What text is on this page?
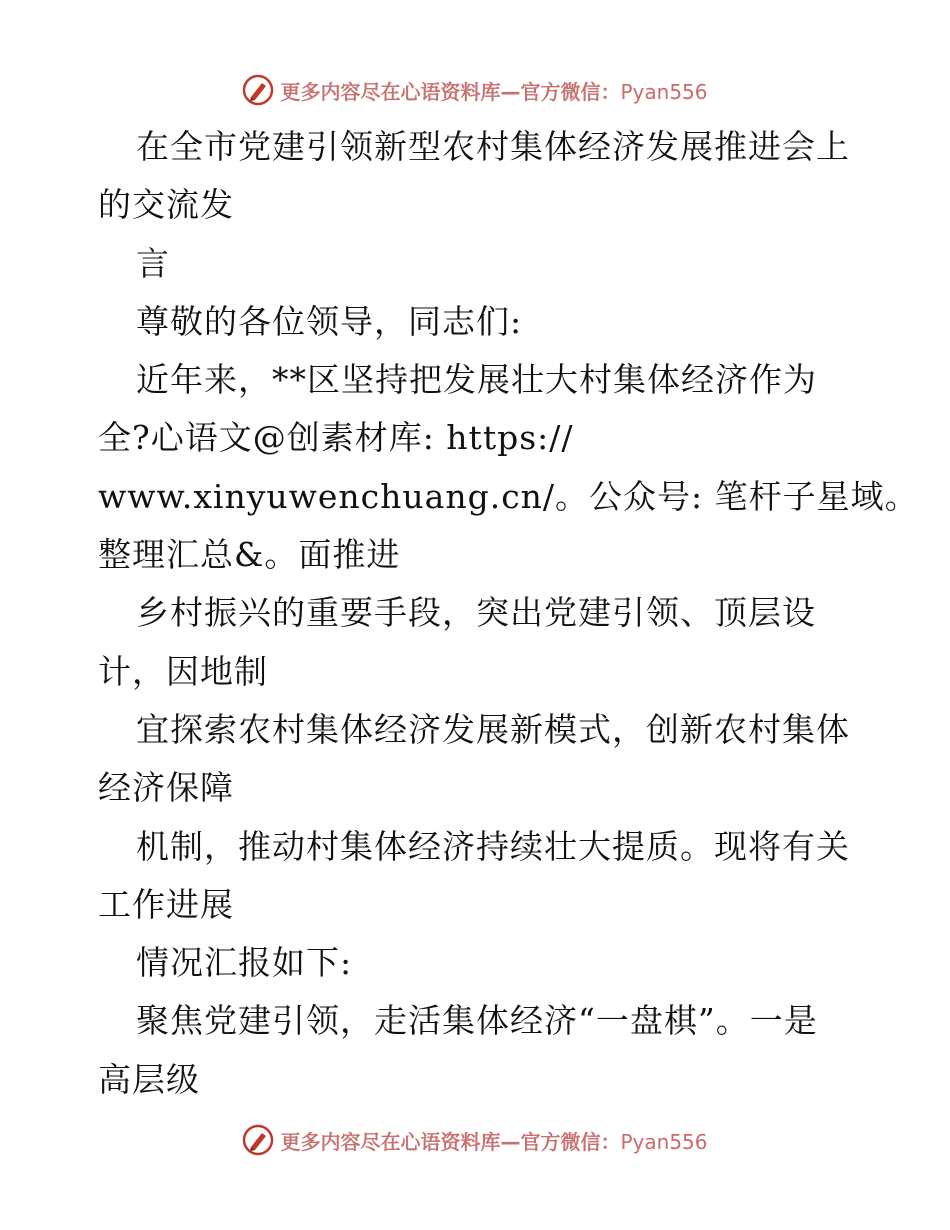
更多内容尽在心语资料库—官方微信：Pyan556
在全市党建引领新型农村集体经济发展推进会上
的交流发
言
尊敬的各位领导，同志们:
近年来，**区坚持把发展壮大村集体经济作为
全?心语文@创素材库: https://
www.xinyuwenchuang.cn/。公众号: 笔杆子星域。
整理汇总&。面推进
乡村振兴的重要手段，突出党建引领、顶层设
计，因地制
宜探索农村集体经济发展新模式，创新农村集体
经济保障
机制，推动村集体经济持续壮大提质。现将有关
工作进展
情况汇报如下:
聚焦党建引领，走活集体经济“一盘棋”。一是
高层级
更多内容尽在心语资料库—官方微信：Pyan556
